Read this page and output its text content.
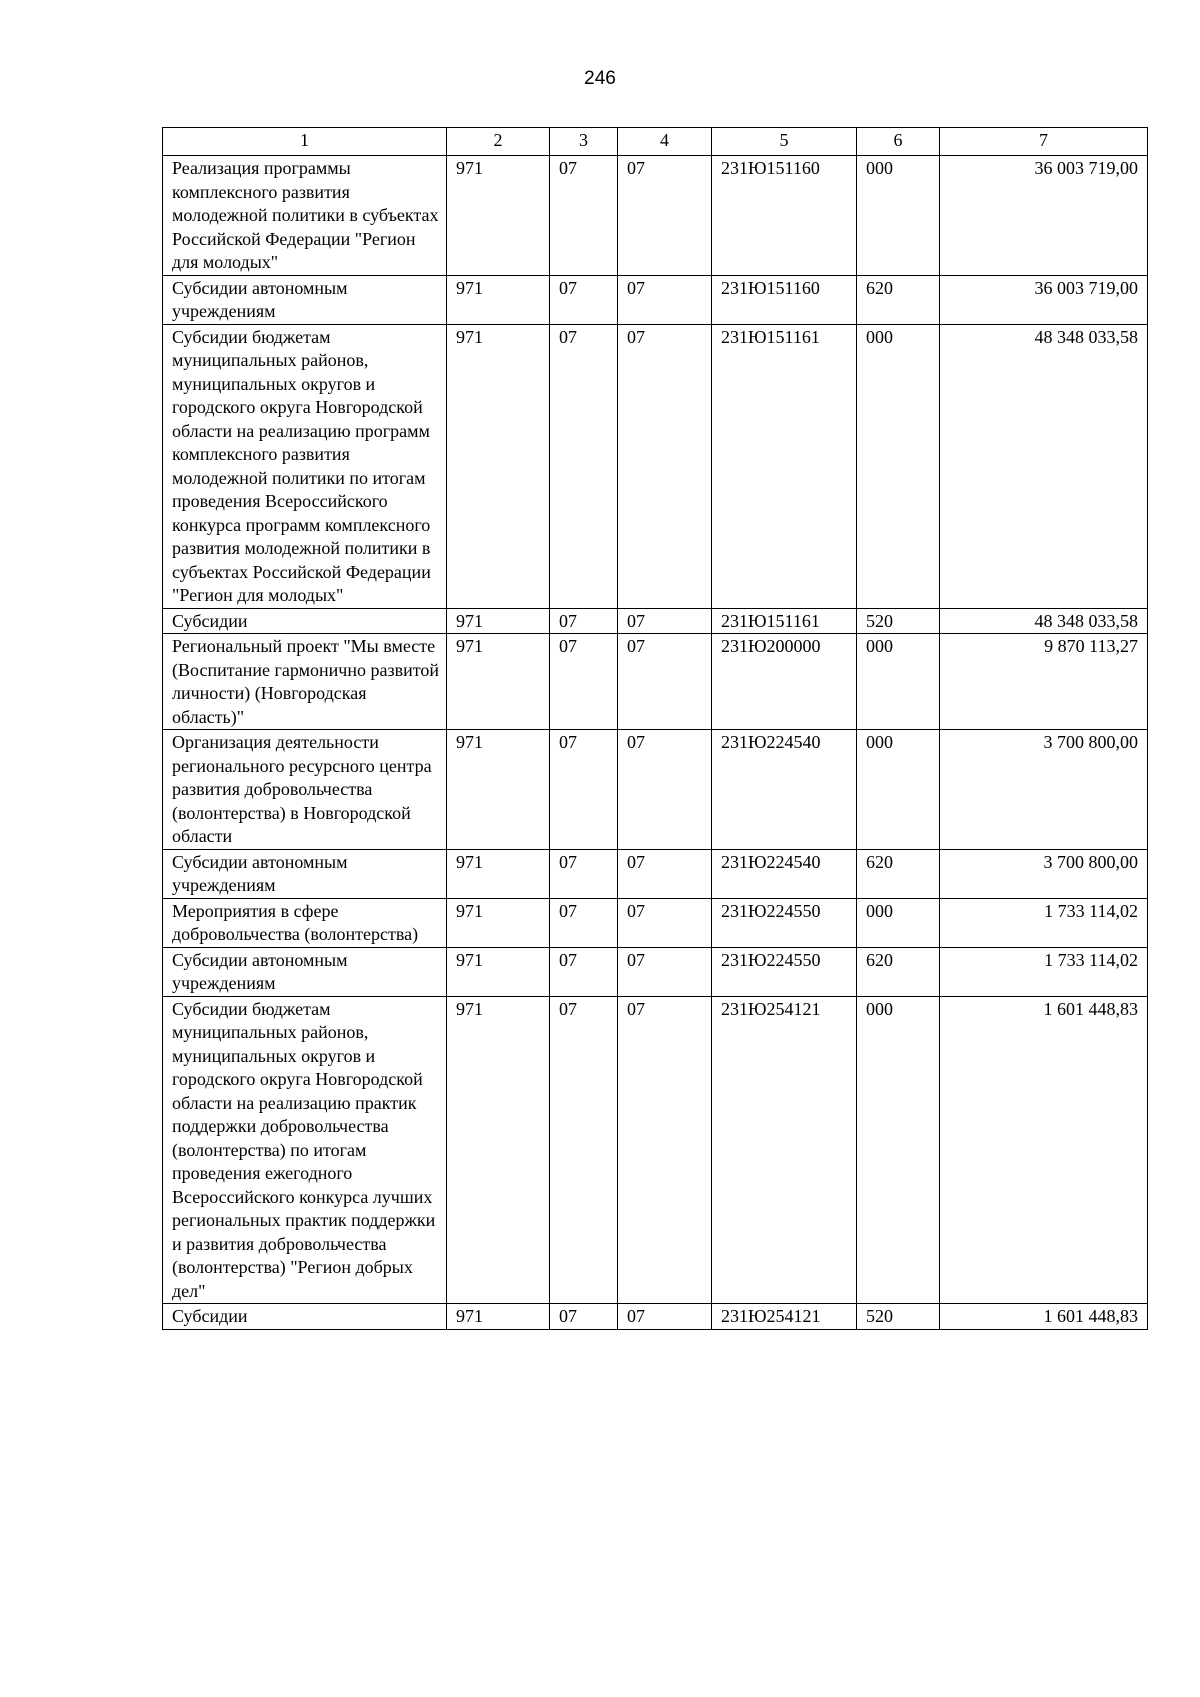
246
1	2	3	4	5	6	7
Реализация программы комплексного развития молодежной политики в субъектах Российской Федерации "Регион для молодых"	971	07	07	231Ю151160	000	36 003 719,00
Субсидии автономным учреждениям	971	07	07	231Ю151160	620	36 003 719,00
Субсидии бюджетам муниципальных районов, муниципальных округов и городского округа Новгородской области на реализацию программ комплексного развития молодежной политики по итогам проведения Всероссийского конкурса программ комплексного развития молодежной политики в субъектах Российской Федерации "Регион для молодых"	971	07	07	231Ю151161	000	48 348 033,58
Субсидии	971	07	07	231Ю151161	520	48 348 033,58
Региональный проект "Мы вместе (Воспитание гармонично развитой личности) (Новгородская область)"	971	07	07	231Ю200000	000	9 870 113,27
Организация деятельности регионального ресурсного центра развития добровольчества (волонтерства) в Новгородской области	971	07	07	231Ю224540	000	3 700 800,00
Субсидии автономным учреждениям	971	07	07	231Ю224540	620	3 700 800,00
Мероприятия в сфере добровольчества (волонтерства)	971	07	07	231Ю224550	000	1 733 114,02
Субсидии автономным учреждениям	971	07	07	231Ю224550	620	1 733 114,02
Субсидии бюджетам муниципальных районов, муниципальных округов и городского округа Новгородской области на реализацию практик поддержки добровольчества (волонтерства) по итогам проведения ежегодного Всероссийского конкурса лучших региональных практик поддержки и развития добровольчества (волонтерства) "Регион добрых дел"	971	07	07	231Ю254121	000	1 601 448,83
Субсидии	971	07	07	231Ю254121	520	1 601 448,83
